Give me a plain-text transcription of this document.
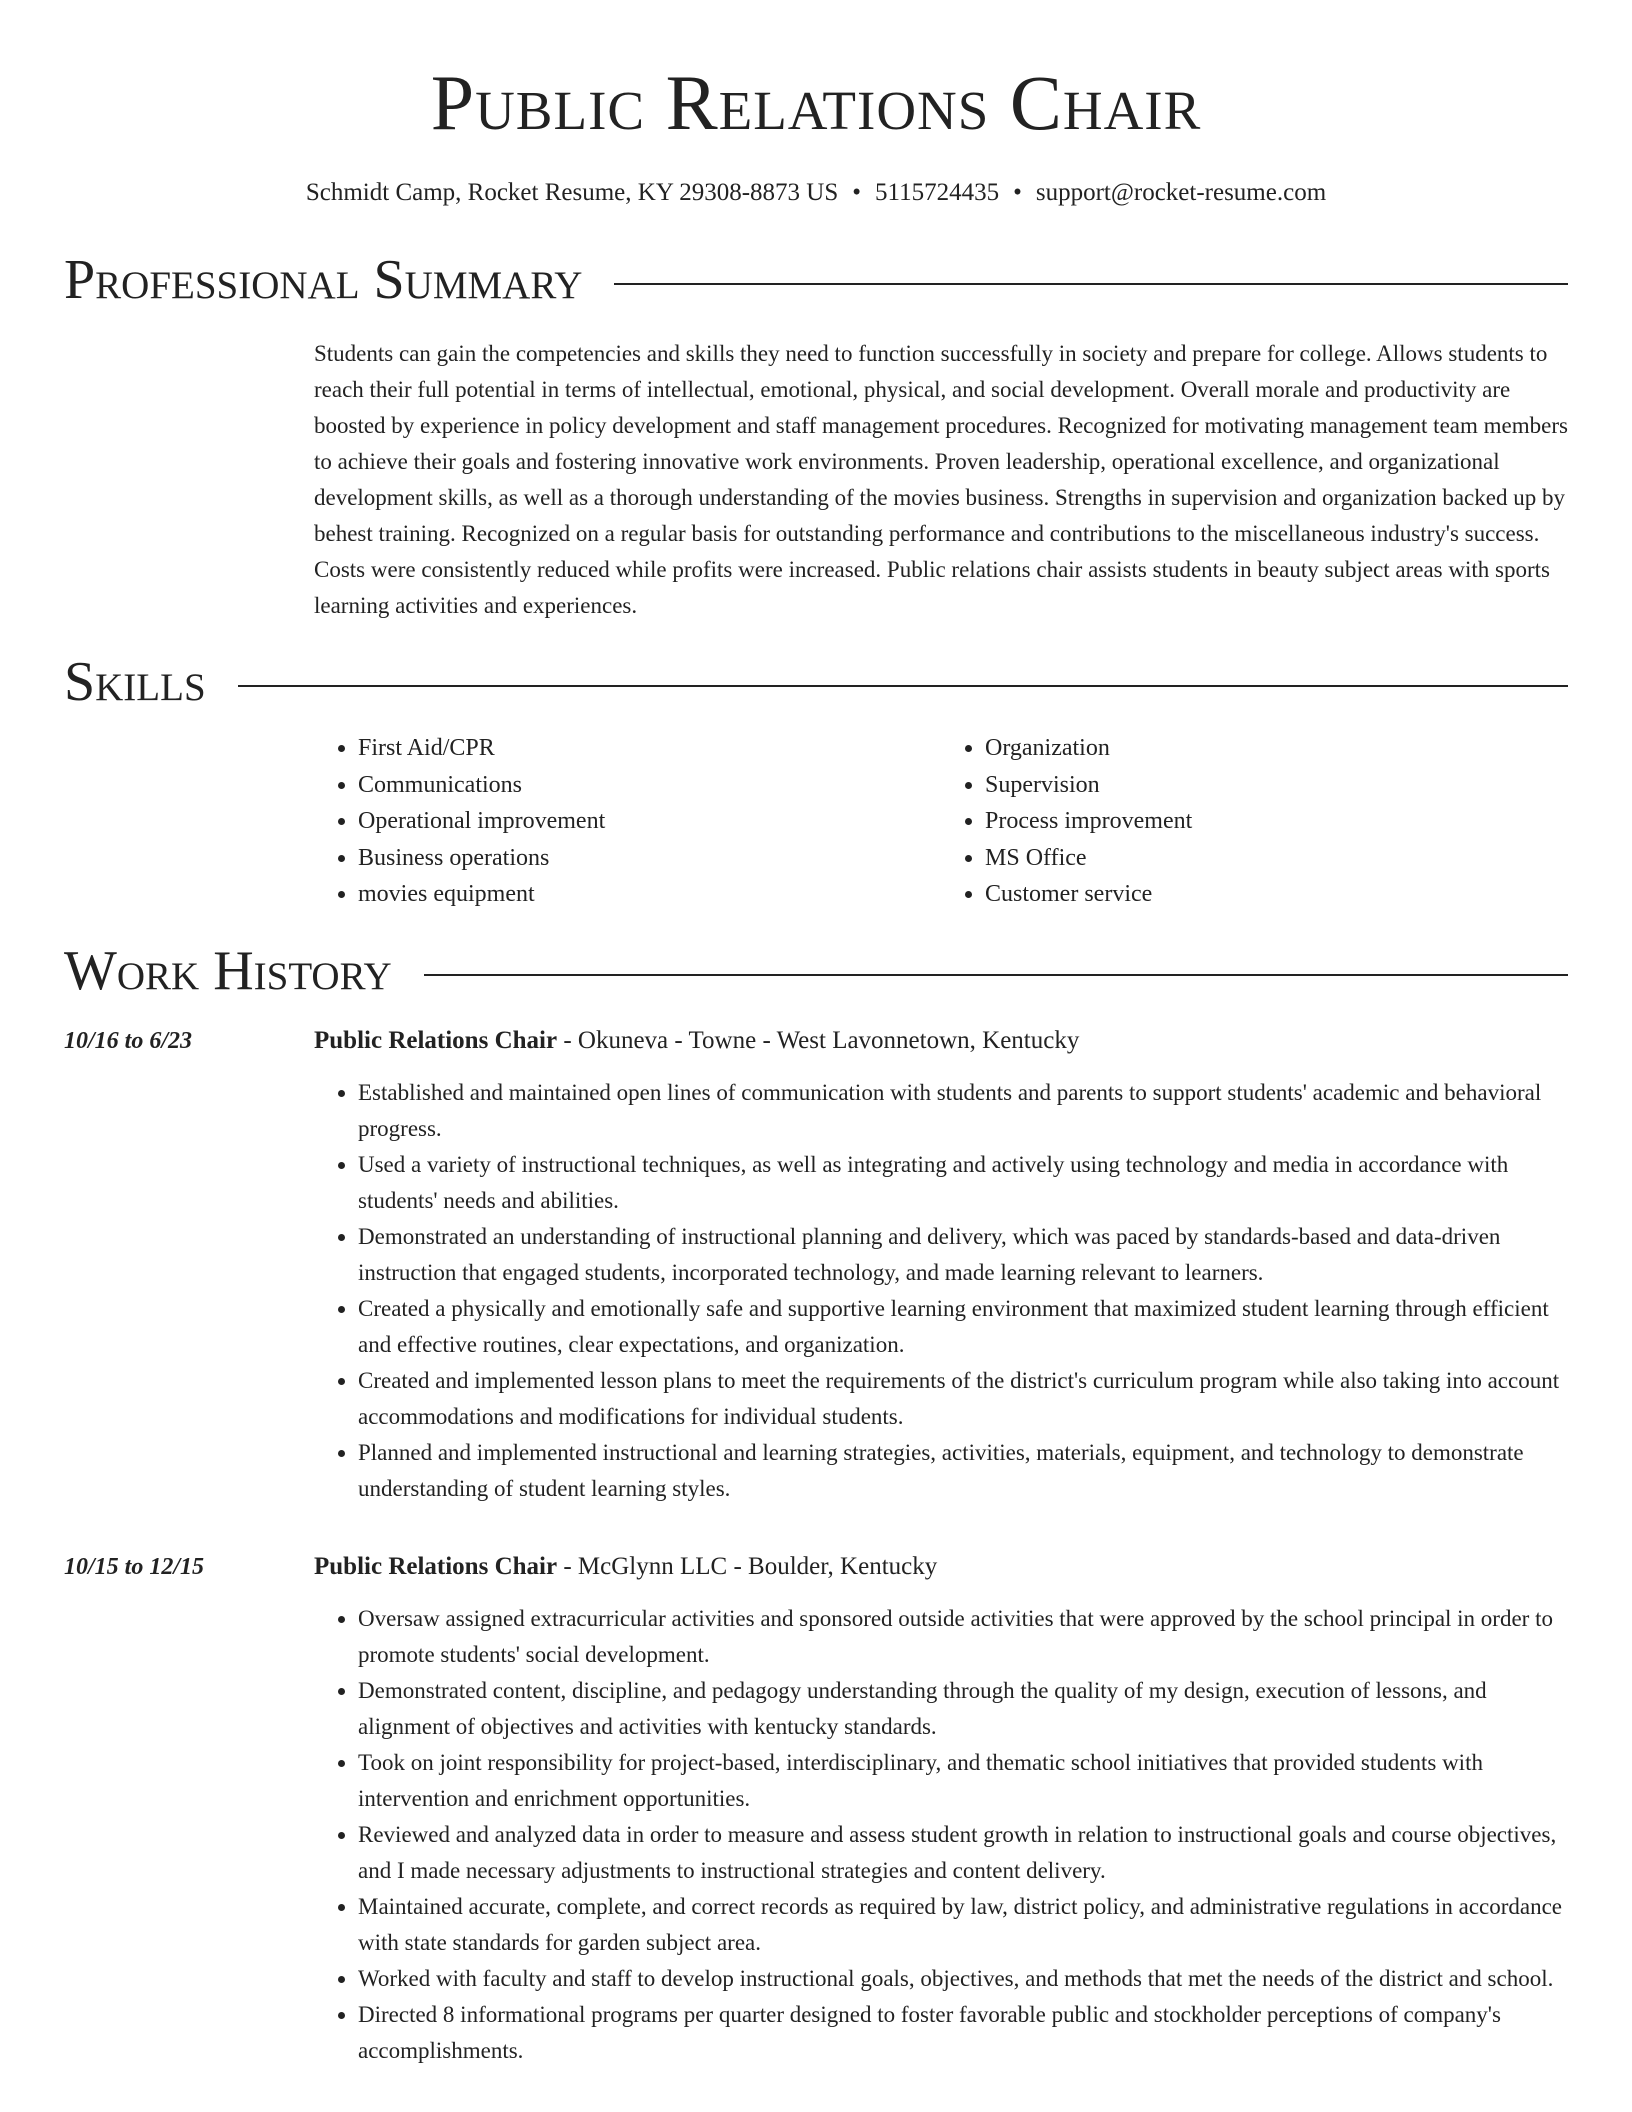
Public Relations Chair
Schmidt Camp, Rocket Resume, KY 29308-8873 US • 5115724435 • support@rocket-resume.com
Professional Summary

Students can gain the competencies and skills they need to function successfully in society and prepare for college. Allows students to reach their full potential in terms of intellectual, emotional, physical, and social development. Overall morale and productivity are boosted by experience in policy development and staff management procedures. Recognized for motivating management team members to achieve their goals and fostering innovative work environments. Proven leadership, operational excellence, and organizational development skills, as well as a thorough understanding of the movies business. Strengths in supervision and organization backed up by behest training. Recognized on a regular basis for outstanding performance and contributions to the miscellaneous industry's success. Costs were consistently reduced while profits were increased. Public relations chair assists students in beauty subject areas with sports learning activities and experiences.

Skills
• First Aid/CPR
• Communications
• Operational improvement
• Business operations
• movies equipment
• Organization
• Supervision
• Process improvement
• MS Office
• Customer service
Work History
10/16 to 6/23	Public Relations Chair - Okuneva - Towne - West Lavonnetown, Kentucky
• Established and maintained open lines of communication with students and parents to support students' academic and behavioral progress.
• Used a variety of instructional techniques, as well as integrating and actively using technology and media in accordance with students' needs and abilities.
• Demonstrated an understanding of instructional planning and delivery, which was paced by standards-based and data-driven instruction that engaged students, incorporated technology, and made learning relevant to learners.
• Created a physically and emotionally safe and supportive learning environment that maximized student learning through efficient and effective routines, clear expectations, and organization.
• Created and implemented lesson plans to meet the requirements of the district's curriculum program while also taking into account accommodations and modifications for individual students.
• Planned and implemented instructional and learning strategies, activities, materials, equipment, and technology to demonstrate understanding of student learning styles.
10/15 to 12/15	Public Relations Chair - McGlynn LLC - Boulder, Kentucky
• Oversaw assigned extracurricular activities and sponsored outside activities that were approved by the school principal in order to promote students' social development.
• Demonstrated content, discipline, and pedagogy understanding through the quality of my design, execution of lessons, and alignment of objectives and activities with kentucky standards.
• Took on joint responsibility for project-based, interdisciplinary, and thematic school initiatives that provided students with intervention and enrichment opportunities.
• Reviewed and analyzed data in order to measure and assess student growth in relation to instructional goals and course objectives, and I made necessary adjustments to instructional strategies and content delivery.
• Maintained accurate, complete, and correct records as required by law, district policy, and administrative regulations in accordance with state standards for garden subject area.
• Worked with faculty and staff to develop instructional goals, objectives, and methods that met the needs of the district and school.
• Directed 8 informational programs per quarter designed to foster favorable public and stockholder perceptions of company's accomplishments.
